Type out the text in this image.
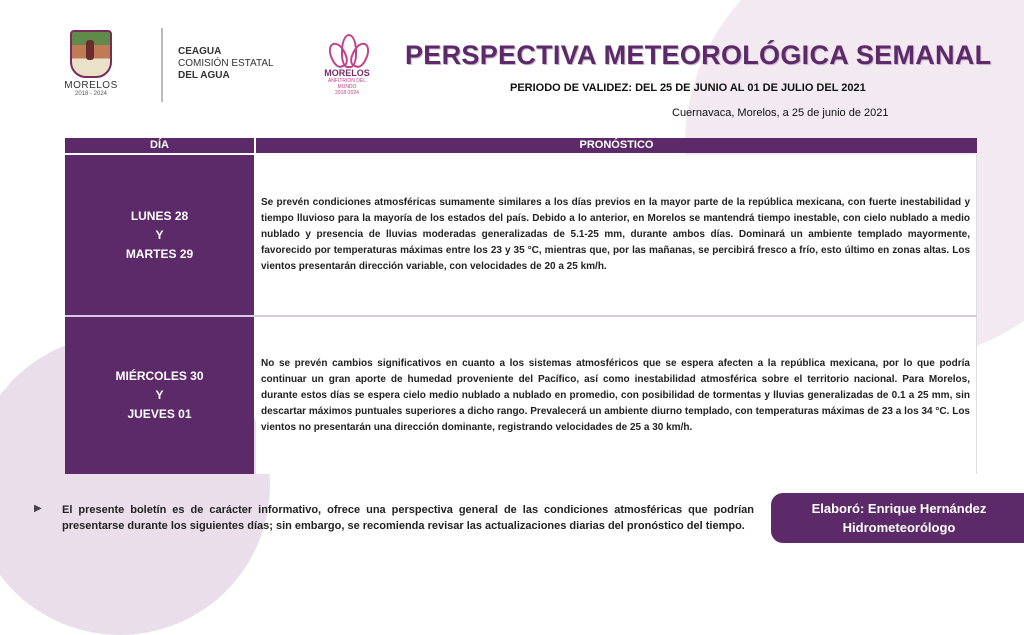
MORELOS
2018 - 2024
CEAGUA
COMISIÓN ESTATAL
DEL AGUA	MORELOS
ANFITRIÓN DEL MUNDO
2018-2024
PERSPECTIVA METEOROLÓGICA SEMANAL
PERIODO DE VALIDEZ: DEL 25 DE JUNIO AL 01 DE JULIO DEL 2021
Cuernavaca, Morelos, a 25 de junio de 2021
DÍA	PRONÓSTICO
LUNES 28
Y
MARTES 29
Se prevén condiciones atmosféricas sumamente similares a los días previos en la mayor parte de la república mexicana, con fuerte inestabilidad y tiempo lluvioso para la mayoría de los estados del país. Debido a lo anterior, en Morelos se mantendrá tiempo inestable, con cielo nublado a medio nublado y presencia de lluvias moderadas generalizadas de 5.1-25 mm, durante ambos días. Dominará un ambiente templado mayormente, favorecido por temperaturas máximas entre los 23 y 35 °C, mientras que, por las mañanas, se percibirá fresco a frío, esto último en zonas altas. Los vientos presentarán dirección variable, con velocidades de 20 a 25 km/h.
MIÉRCOLES 30
Y
JUEVES 01
No se prevén cambios significativos en cuanto a los sistemas atmosféricos que se espera afecten a la república mexicana, por lo que podría continuar un gran aporte de humedad proveniente del Pacífico, así como inestabilidad atmosférica sobre el territorio nacional. Para Morelos, durante estos días se espera cielo medio nublado a nublado en promedio, con posibilidad de tormentas y lluvias generalizadas de 0.1 a 25 mm, sin descartar máximos puntuales superiores a dicho rango. Prevalecerá un ambiente diurno templado, con temperaturas máximas de 23 a los 34 °C. Los vientos no presentarán una dirección dominante, registrando velocidades de 25 a 30 km/h.
▶ El presente boletín es de carácter informativo, ofrece una perspectiva general de las condiciones atmosféricas que podrían presentarse durante los siguientes días; sin embargo, se recomienda revisar las actualizaciones diarias del pronóstico del tiempo.
Elaboró: Enrique Hernández
Hidrometeorólogo
